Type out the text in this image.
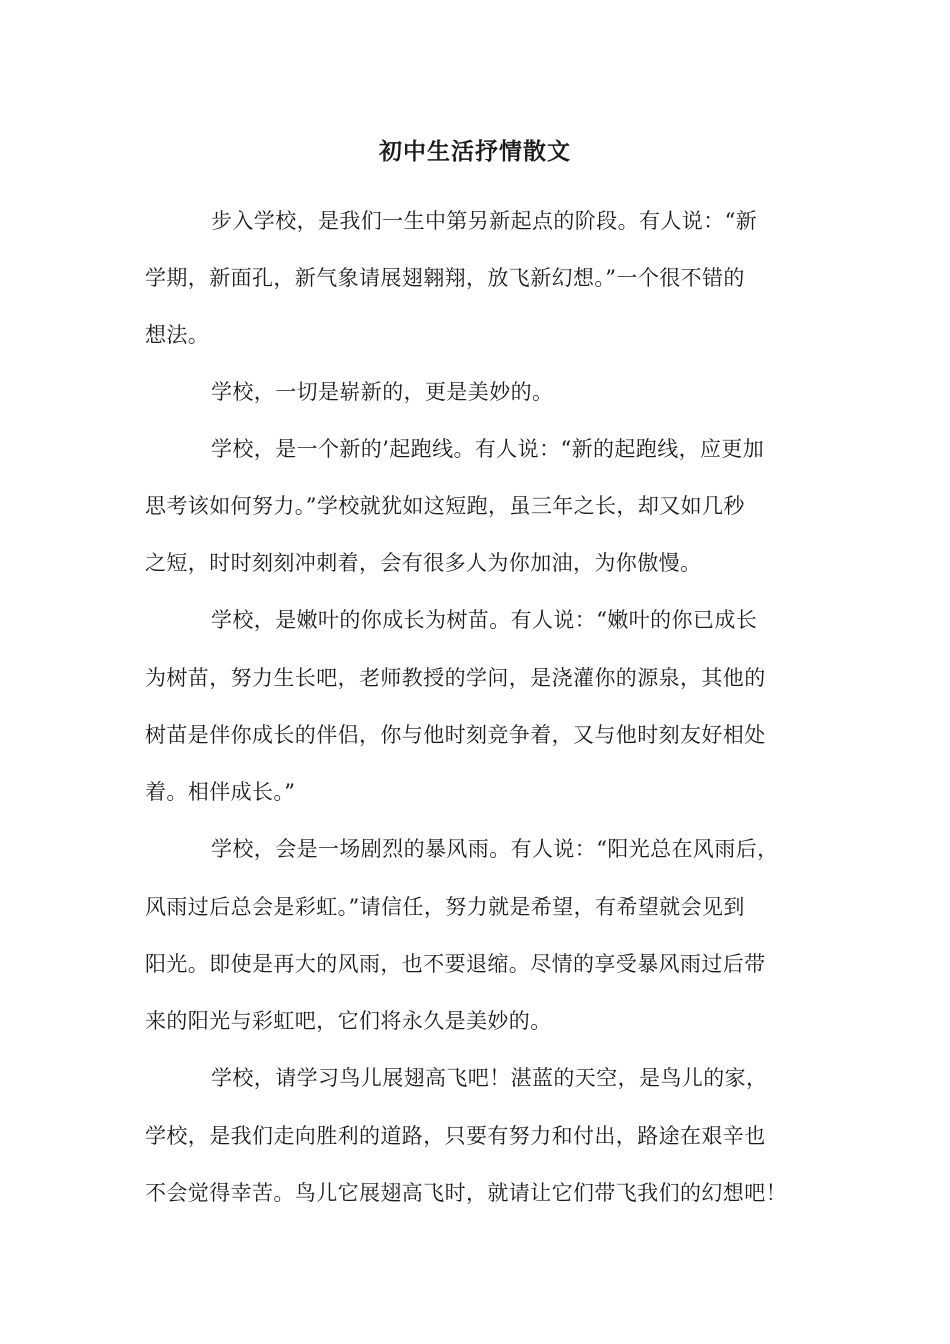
初中生活抒情散文
步入学校，是我们一生中第另新起点的阶段。有人说：“新
学期，新面孔，新气象请展翅翱翔，放飞新幻想。”一个很不错的
想法。
学校，一切是崭新的，更是美妙的。
学校，是一个新的’起跑线。有人说：“新的起跑线，应更加
思考该如何努力。”学校就犹如这短跑，虽三年之长，却又如几秒
之短，时时刻刻冲刺着，会有很多人为你加油，为你傲慢。
学校，是嫩叶的你成长为树苗。有人说：“嫩叶的你已成长
为树苗，努力生长吧，老师教授的学问，是浇灌你的源泉，其他的
树苗是伴你成长的伴侣，你与他时刻竞争着，又与他时刻友好相处
着。相伴成长。”
学校，会是一场剧烈的暴风雨。有人说：“阳光总在风雨后，
风雨过后总会是彩虹。”请信任，努力就是希望，有希望就会见到
阳光。即使是再大的风雨，也不要退缩。尽情的享受暴风雨过后带
来的阳光与彩虹吧，它们将永久是美妙的。
学校，请学习鸟儿展翅高飞吧！湛蓝的天空，是鸟儿的家，
学校，是我们走向胜利的道路，只要有努力和付出，路途在艰辛也
不会觉得幸苦。鸟儿它展翅高飞时，就请让它们带飞我们的幻想吧！
